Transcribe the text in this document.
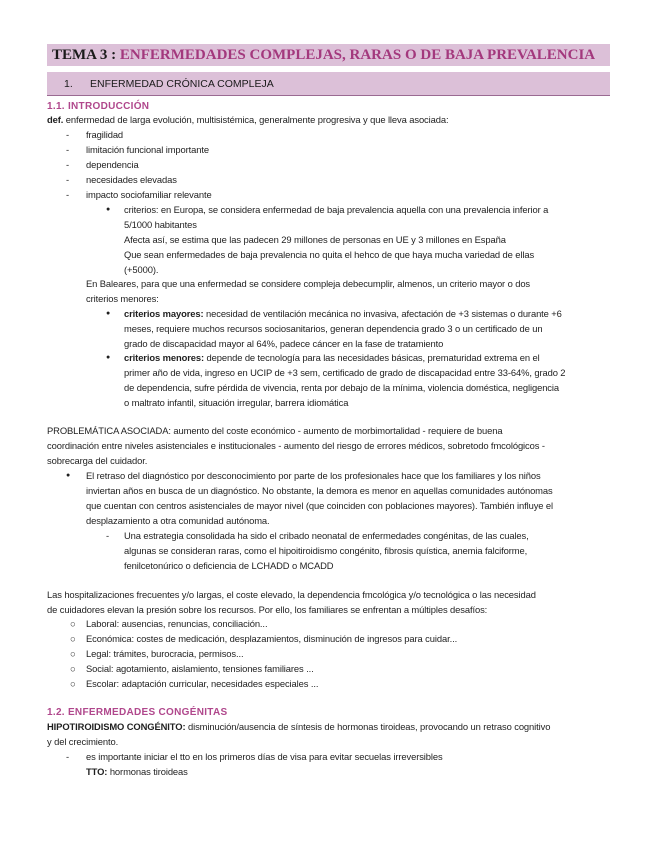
TEMA 3 : ENFERMEDADES COMPLEJAS, RARAS O DE BAJA PREVALENCIA
1. ENFERMEDAD CRÓNICA COMPLEJA
1.1. INTRODUCCIÓN
def. enfermedad de larga evolución, multisistémica, generalmente progresiva y que lleva asociada:
- fragilidad
- limitación funcional importante
- dependencia
- necesidades elevadas
- impacto sociofamiliar relevante
● criterios: en Europa, se considera enfermedad de baja prevalencia aquella con una prevalencia inferior a
5/1000 habitantes
Afecta así, se estima que las padecen 29 millones de personas en UE y 3 millones en España
Que sean enfermedades de baja prevalencia no quita el hehco de que haya mucha variedad de ellas
(+5000).
En Baleares, para que una enfermedad se considere compleja debecumplir, almenos, un criterio mayor o dos
criterios menores:
● criterios mayores: necesidad de ventilación mecánica no invasiva, afectación de +3 sistemas o durante +6
meses, requiere muchos recursos sociosanitarios, generan dependencia grado 3 o un certificado de un
grado de discapacidad mayor al 64%, padece cáncer en la fase de tratamiento
● criterios menores: depende de tecnología para las necesidades básicas, prematuridad extrema en el
primer año de vida, ingreso en UCIP de +3 sem, certificado de grado de discapacidad entre 33-64%, grado 2
de dependencia, sufre pérdida de vivencia, renta por debajo de la mínima, violencia doméstica, negligencia
o maltrato infantil, situación irregular, barrera idiomática
PROBLEMÁTICA ASOCIADA: aumento del coste económico - aumento de morbimortalidad - requiere de buena
coordinación entre niveles asistenciales e institucionales - aumento del riesgo de errores médicos, sobretodo fmcológicos -
sobrecarga del cuidador.
● El retraso del diagnóstico por desconocimiento por parte de los profesionales hace que los familiares y los niños
inviertan años en busca de un diagnóstico. No obstante, la demora es menor en aquellas comunidades autónomas
que cuentan con centros asistenciales de mayor nivel (que coinciden con poblaciones mayores). También influye el
desplazamiento a otra comunidad autónoma.
- Una estrategia consolidada ha sido el cribado neonatal de enfermedades congénitas, de las cuales,
algunas se consideran raras, como el hipoitiroidismo congénito, fibrosis quística, anemia falciforme,
fenilcetonúrico o deficiencia de LCHADD o MCADD
Las hospitalizaciones frecuentes y/o largas, el coste elevado, la dependencia fmcológica y/o tecnológica o las necesidad
de cuidadores elevan la presión sobre los recursos. Por ello, los familiares se enfrentan a múltiples desafíos:
○ Laboral: ausencias, renuncias, conciliación...
○ Económica: costes de medicación, desplazamientos, disminución de ingresos para cuidar...
○ Legal: trámites, burocracia, permisos...
○ Social: agotamiento, aislamiento, tensiones familiares ...
○ Escolar: adaptación curricular, necesidades especiales ...
1.2. ENFERMEDADES CONGÉNITAS
HIPOTIROIDISMO CONGÉNITO: disminución/ausencia de síntesis de hormonas tiroideas, provocando un retraso cognitivo
y del crecimiento.
- es importante iniciar el tto en los primeros días de visa para evitar secuelas irreversibles
TTO: hormonas tiroideas
